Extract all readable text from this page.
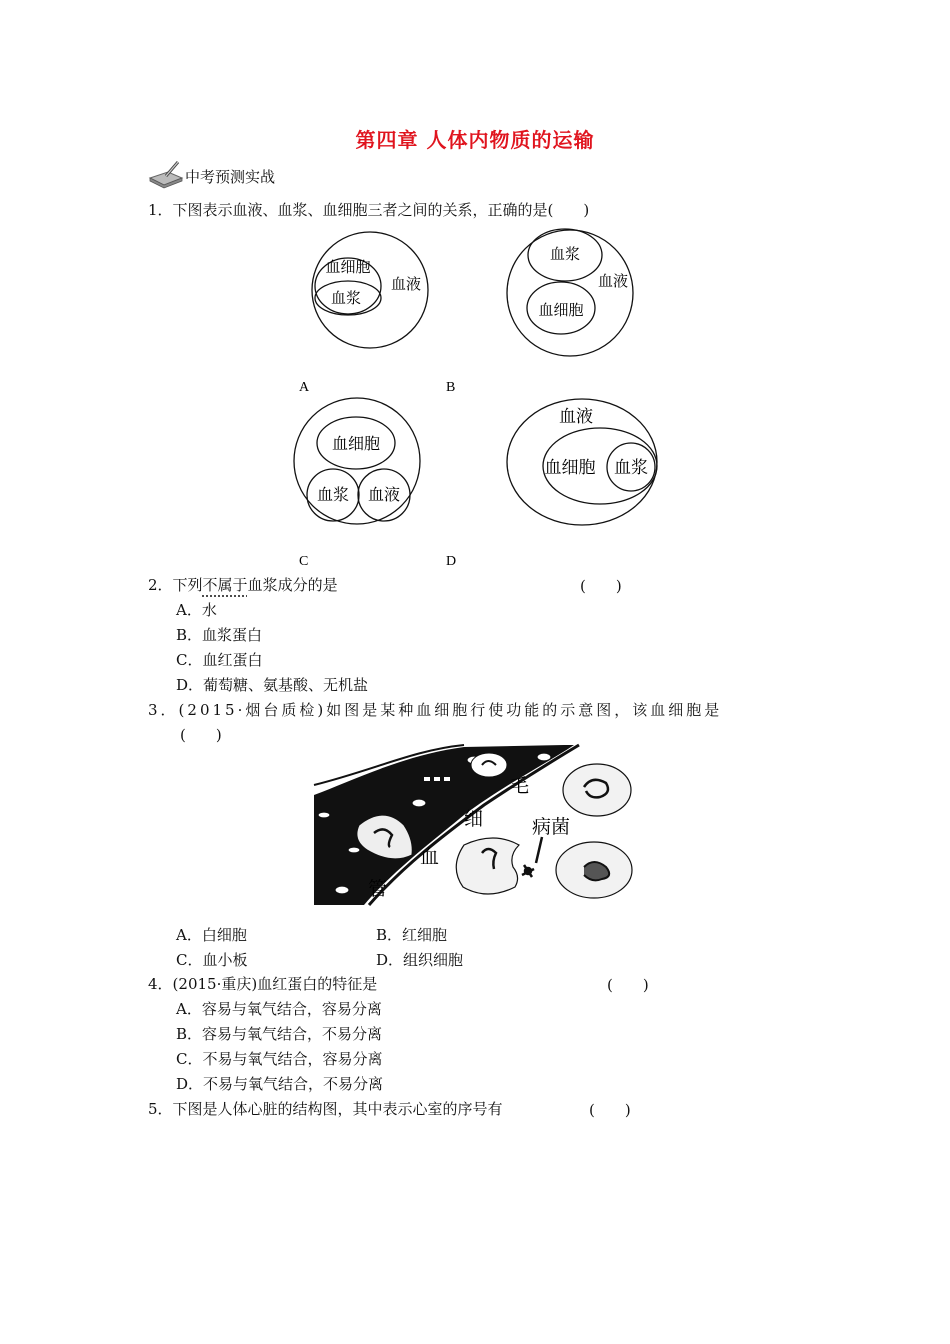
第四章 人体内物质的运输
中考预测实战
1．下图表示血液、血浆、血细胞三者之间的关系，正确的是(　　)
血细胞
血浆
血液
血浆
血液
血细胞
A	B
血细胞
血浆 血液
血液
血细胞 血浆
C	D
2．下列不属于血浆成分的是	(　　)
A．水
B．血浆蛋白
C．血红蛋白
D．葡萄糖、氨基酸、无机盐
3．(2015·烟台质检)如图是某种血细胞行使功能的示意图，该血细胞是
(　　)
毛
细	病菌
血
管
A．白细胞	B．红细胞
C．血小板	D．组织细胞
4．(2015·重庆)血红蛋白的特征是	(　　)
A．容易与氧气结合，容易分离
B．容易与氧气结合，不易分离
C．不易与氧气结合，容易分离
D．不易与氧气结合，不易分离
5．下图是人体心脏的结构图，其中表示心室的序号有	(　　)
